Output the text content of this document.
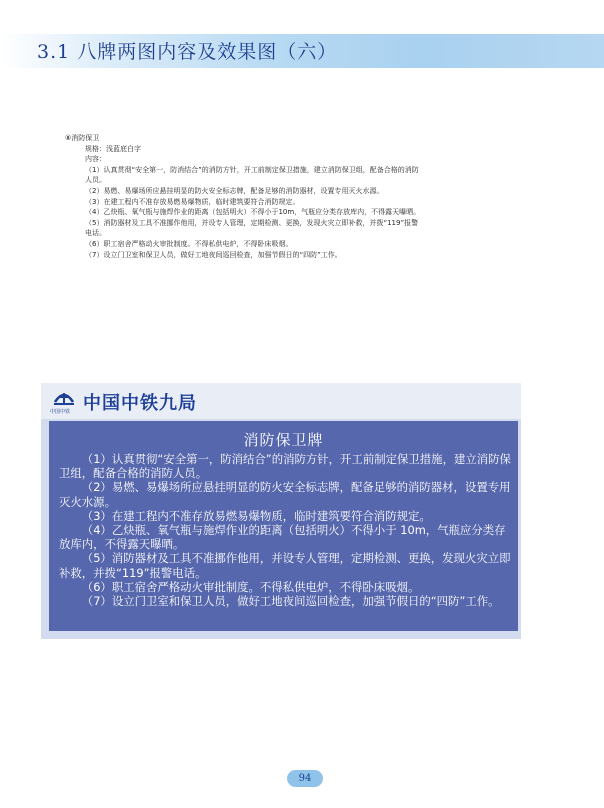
3.1 八牌两图内容及效果图（六）
⑧消防保卫
规格：浅蓝底白字
内容：
（1）认真贯彻“安全第一，防消结合”的消防方针，开工前制定保卫措施，建立消防保卫组，配备合格的消防
人员。
（2）易燃、易爆场所应悬挂明显的防火安全标志牌，配备足够的消防器材，设置专用灭火水源。
（3）在建工程内不准存放易燃易爆物质，临时建筑要符合消防规定。
（4）乙炔瓶、氧气瓶与施焊作业的距离（包括明火）不得小于10m，气瓶应分类存放库内，不得露天曝晒。
（5）消防器材及工具不准挪作他用，并设专人管理，定期检测、更换，发现火灾立即补救，并拨“119”报警
电话。
（6）职工宿舍严格动火审批制度。不得私供电炉，不得卧床吸烟。
（7）设立门卫室和保卫人员，做好工地夜间巡回检查，加强节假日的“四防”工作。
中国中铁 中国中铁九局
消防保卫牌

（1）认真贯彻“安全第一，防消结合”的消防方针，开工前制定保卫措施，建立消防保卫组，配备合格的消防人员。

（2）易燃、易爆场所应悬挂明显的防火安全标志牌，配备足够的消防器材，设置专用灭火水源。

（3）在建工程内不准存放易燃易爆物质，临时建筑要符合消防规定。

（4）乙炔瓶、氧气瓶与施焊作业的距离（包括明火）不得小于 10m，气瓶应分类存放库内，不得露天曝晒。

（5）消防器材及工具不准挪作他用，并设专人管理，定期检测、更换，发现火灾立即补救，并拨“119”报警电话。

（6）职工宿舍严格动火审批制度。不得私供电炉，不得卧床吸烟。

（7）设立门卫室和保卫人员，做好工地夜间巡回检查，加强节假日的“四防”工作。

94
